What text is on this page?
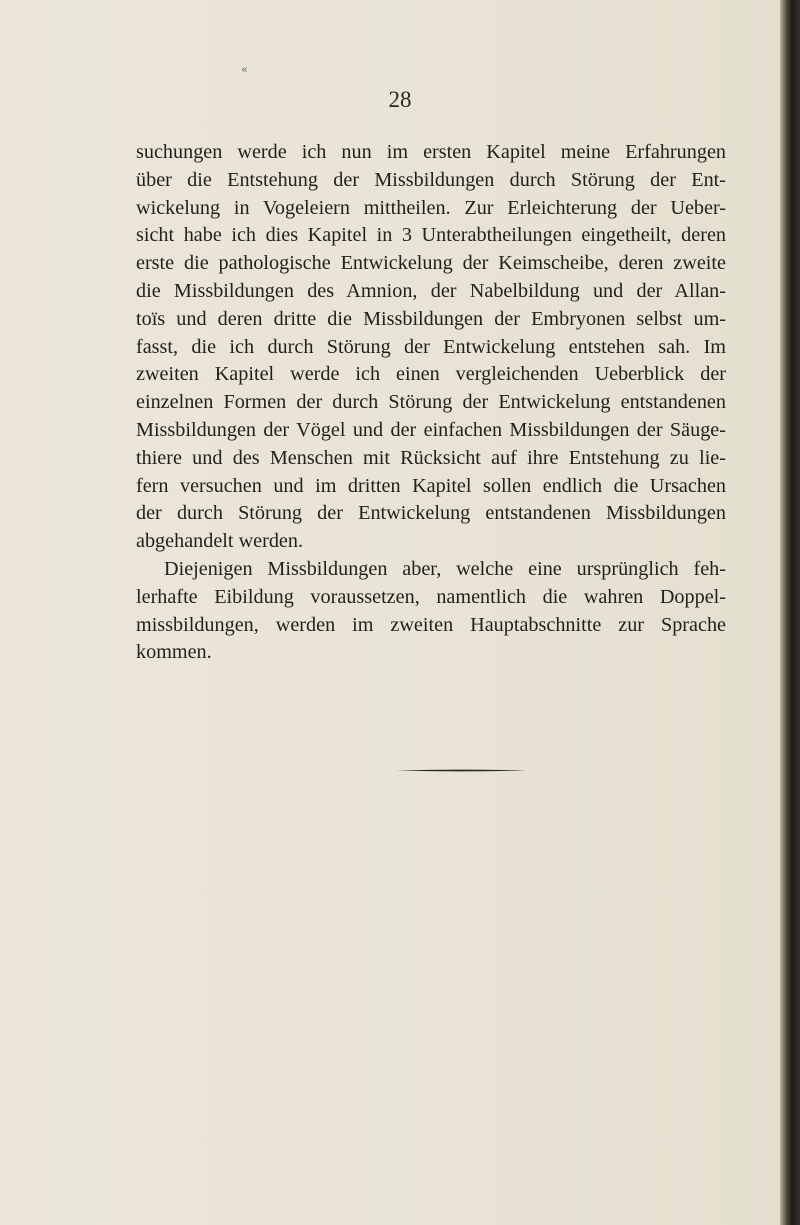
«
28
suchungen werde ich nun im ersten Kapitel meine Erfahrungen
über die Entstehung der Missbildungen durch Störung der Ent-
wickelung in Vogeleiern mittheilen. Zur Erleichterung der Ueber-
sicht habe ich dies Kapitel in 3 Unterabtheilungen eingetheilt, deren
erste die pathologische Entwickelung der Keimscheibe, deren zweite
die Missbildungen des Amnion, der Nabelbildung und der Allan-
toïs und deren dritte die Missbildungen der Embryonen selbst um-
fasst, die ich durch Störung der Entwickelung entstehen sah. Im
zweiten Kapitel werde ich einen vergleichenden Ueberblick der
einzelnen Formen der durch Störung der Entwickelung entstandenen
Missbildungen der Vögel und der einfachen Missbildungen der Säuge-
thiere und des Menschen mit Rücksicht auf ihre Entstehung zu lie-
fern versuchen und im dritten Kapitel sollen endlich die Ursachen
der durch Störung der Entwickelung entstandenen Missbildungen
abgehandelt werden.
Diejenigen Missbildungen aber, welche eine ursprünglich feh-
lerhafte Eibildung voraussetzen, namentlich die wahren Doppel-
missbildungen, werden im zweiten Hauptabschnitte zur Sprache
kommen.
